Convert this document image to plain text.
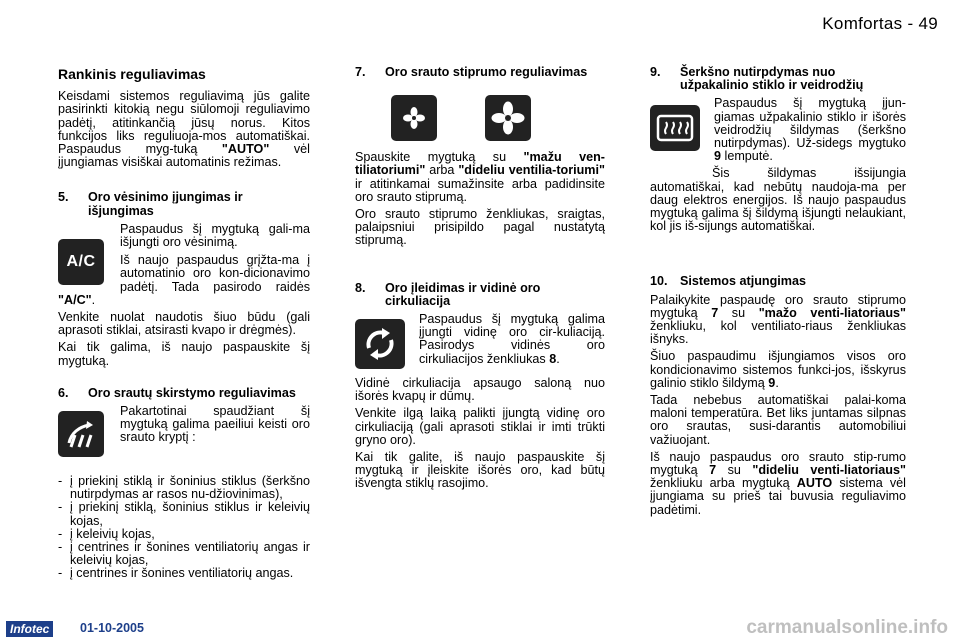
Komfortas - 49
Rankinis reguliavimas

Keisdami sistemos reguliavimą jūs galite pasirinkti kitokią negu siūlomoji reguliavimo padėtį, atitinkančią jūsų norus. Kitos funkcijos liks reguliuoja-mos automatiškai. Paspaudus myg-tuką "AUTO" vėl įjungiamas visiškai automatinis režimas.

5.	Oro vėsinimo įjungimas ir išjungimas
A/C

Paspaudus šį mygtuką gali-ma išjungti oro vėsinimą.

Iš naujo paspaudus grįžta-ma į automatinio oro kon-dicionavimo padėtį. Tada pasirodo raidės "A/C".

Venkite nuolat naudotis šiuo būdu (gali aprasoti stiklai, atsirasti kvapo ir drėgmės).

Kai tik galima, iš naujo paspauskite šį mygtuką.

6.	Oro srautų skirstymo reguliavimas

Pakartotinai spaudžiant šį mygtuką galima paeiliui keisti oro srauto kryptį :

- į priekinį stiklą ir šoninius stiklus (šerkšno nutirpdymas ar rasos nu-džiovinimas),
- į priekinį stiklą, šoninius stiklus ir keleivių kojas,
- į keleivių kojas,
- į centrines ir šonines ventiliatorių angas ir keleivių kojas,
- į centrines ir šonines ventiliatorių angas.
7.	Oro srauto stiprumo reguliavimas

Spauskite mygtuką su "mažu ven-tiliatoriumi" arba "dideliu ventilia-toriumi" ir atitinkamai sumažinsite arba padidinsite oro srauto stiprumą.

Oro srauto stiprumo ženkliukas, sraigtas, palaipsniui prisipildo pagal nustatytą stiprumą.

8.	Oro įleidimas ir vidinė oro cirkuliacija

Paspaudus šį mygtuką galima įjungti vidinę oro cir-kuliaciją. Pasirodys vidinės oro cirkuliacijos ženkliukas 8.

Vidinė cirkuliacija apsaugo saloną nuo išorės kvapų ir dūmų.

Venkite ilgą laiką palikti įjungtą vidinę oro cirkuliaciją (gali aprasoti stiklai ir imti trūkti gryno oro).

Kai tik galite, iš naujo paspauskite šį mygtuką ir įleiskite išorės oro, kad būtų išvengta stiklų rasojimo.

9.	Šerkšno nutirpdymas nuo užpakalinio stiklo ir veidrodžių

Paspaudus šį mygtuką įjun-giamas užpakalinio stiklo ir išorės veidrodžių šildymas (šerkšno nutirpdymas). Už-sidegs mygtuko 9 lemputė.

Šis šildymas išsijungia automatiškai, kad nebūtų naudoja-ma per daug elektros energijos. Iš naujo paspaudus mygtuką galima šį šildymą išjungti nelaukiant, kol jis iš-sijungs automatiškai.

10. Sistemos atjungimas

Palaikykite paspaudę oro srauto stiprumo mygtuką 7 su "mažo venti-liatoriaus" ženkliuku, kol ventiliato-riaus ženkliukas išnyks.

Šiuo paspaudimu išjungiamos visos oro kondicionavimo sistemos funkci-jos, išskyrus galinio stiklo šildymą 9.

Tada nebebus automatiškai palai-koma maloni temperatūra. Bet liks juntamas silpnas oro srautas, susi-darantis automobiliui važiuojant.

Iš naujo paspaudus oro srauto stip-rumo mygtuką 7 su "dideliu venti-liatoriaus" ženkliuku arba mygtuką AUTO sistema vėl įjungiama su prieš tai buvusia reguliavimo padėtimi.

Infotec	01-10-2005	carmanualsonline.info
